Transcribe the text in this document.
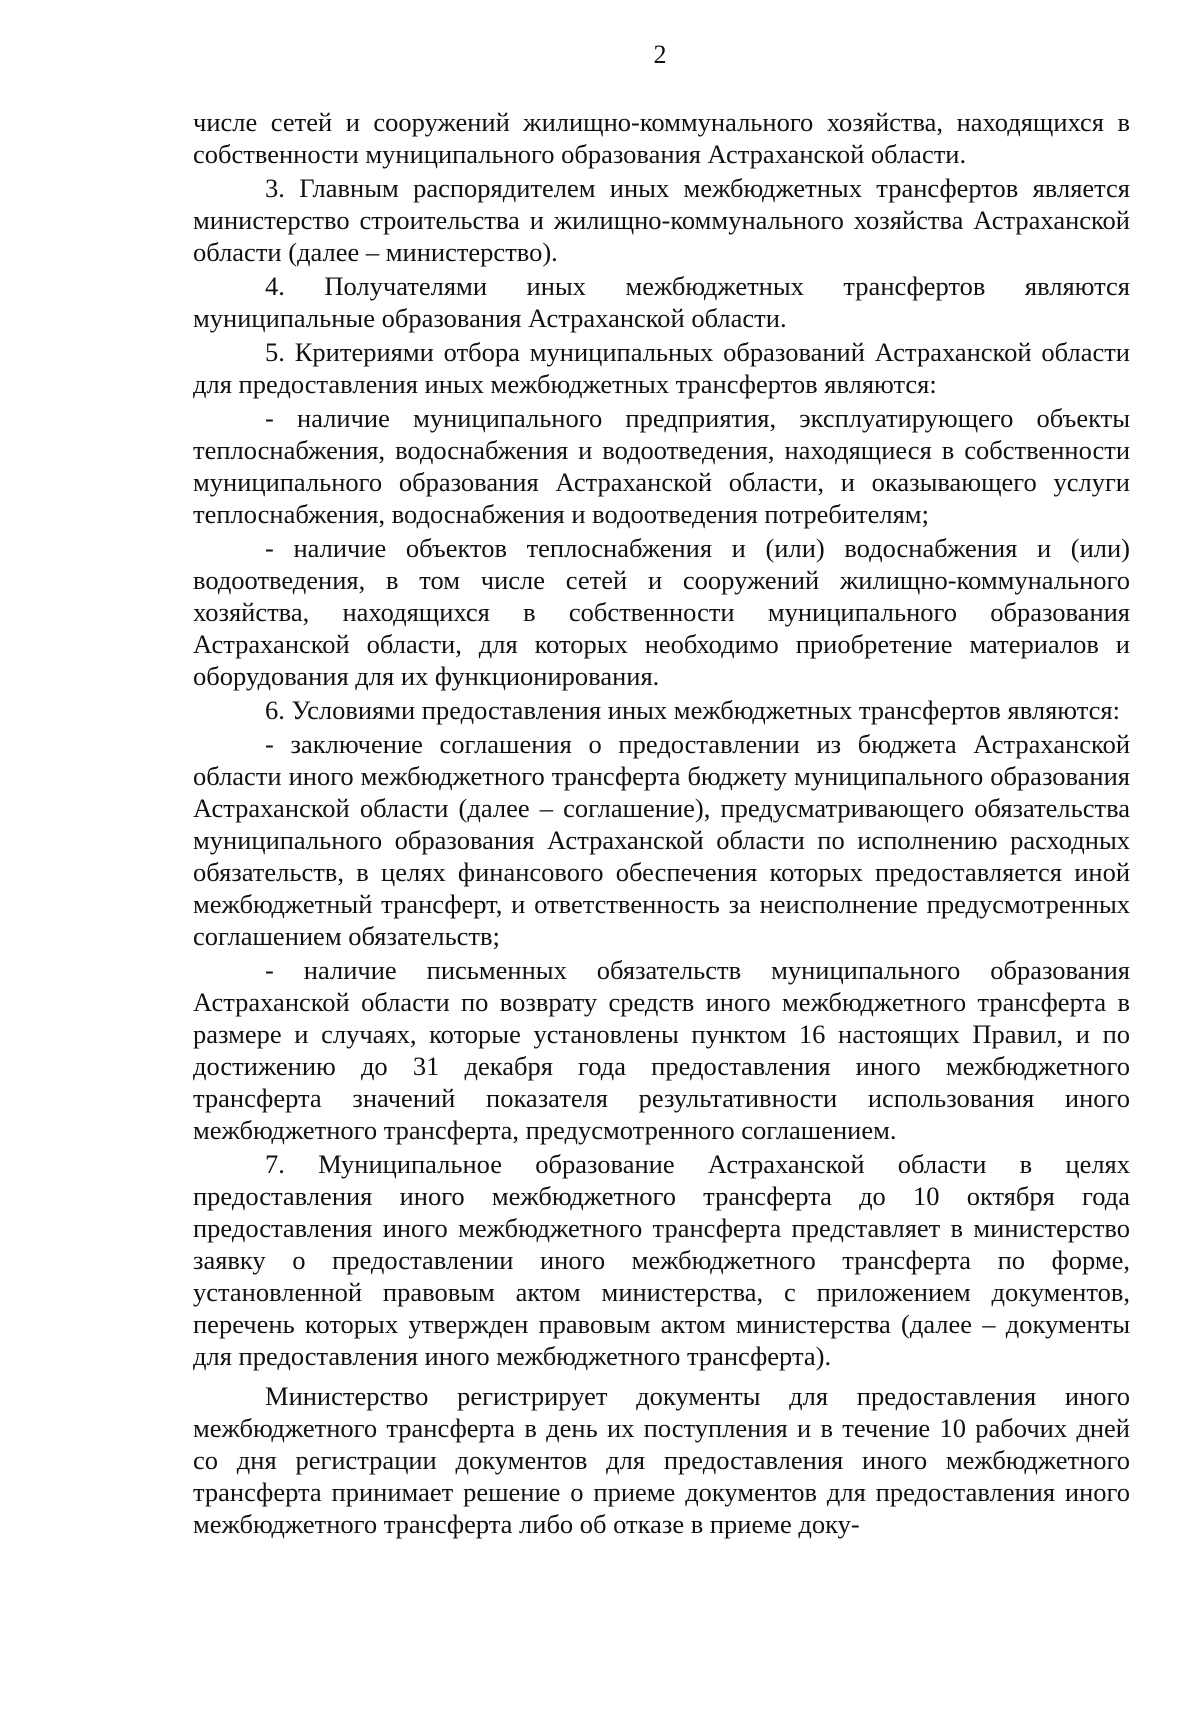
2

числе сетей и сооружений жилищно-коммунального хозяйства, находящихся в собственности муниципального образования Астраханской области.

3. Главным распорядителем иных межбюджетных трансфертов является министерство строительства и жилищно-коммунального хозяйства Астраханской области (далее – министерство).

4. Получателями иных межбюджетных трансфертов являются муниципальные образования Астраханской области.

5. Критериями отбора муниципальных образований Астраханской области для предоставления иных межбюджетных трансфертов являются:

- наличие муниципального предприятия, эксплуатирующего объекты теплоснабжения, водоснабжения и водоотведения, находящиеся в собственности муниципального образования Астраханской области, и оказывающего услуги теплоснабжения, водоснабжения и водоотведения потребителям;

- наличие объектов теплоснабжения и (или) водоснабжения и (или) водоотведения, в том числе сетей и сооружений жилищно-коммунального хозяйства, находящихся в собственности муниципального образования Астраханской области, для которых необходимо приобретение материалов и оборудования для их функционирования.

6. Условиями предоставления иных межбюджетных трансфертов являются:

- заключение соглашения о предоставлении из бюджета Астраханской области иного межбюджетного трансферта бюджету муниципального образования Астраханской области (далее – соглашение), предусматривающего обязательства муниципального образования Астраханской области по исполнению расходных обязательств, в целях финансового обеспечения которых предоставляется иной межбюджетный трансферт, и ответственность за неисполнение предусмотренных соглашением обязательств;

- наличие письменных обязательств муниципального образования Астраханской области по возврату средств иного межбюджетного трансферта в размере и случаях, которые установлены пунктом 16 настоящих Правил, и по достижению до 31 декабря года предоставления иного межбюджетного трансферта значений показателя результативности использования иного межбюджетного трансферта, предусмотренного соглашением.

7. Муниципальное образование Астраханской области в целях предоставления иного межбюджетного трансферта до 10 октября года предоставления иного межбюджетного трансферта представляет в министерство заявку о предоставлении иного межбюджетного трансферта по форме, установленной правовым актом министерства, с приложением документов, перечень которых утвержден правовым актом министерства (далее – документы для предоставления иного межбюджетного трансферта).

Министерство регистрирует документы для предоставления иного межбюджетного трансферта в день их поступления и в течение 10 рабочих дней со дня регистрации документов для предоставления иного межбюджетного трансферта принимает решение о приеме документов для предоставления иного межбюджетного трансферта либо об отказе в приеме доку-
